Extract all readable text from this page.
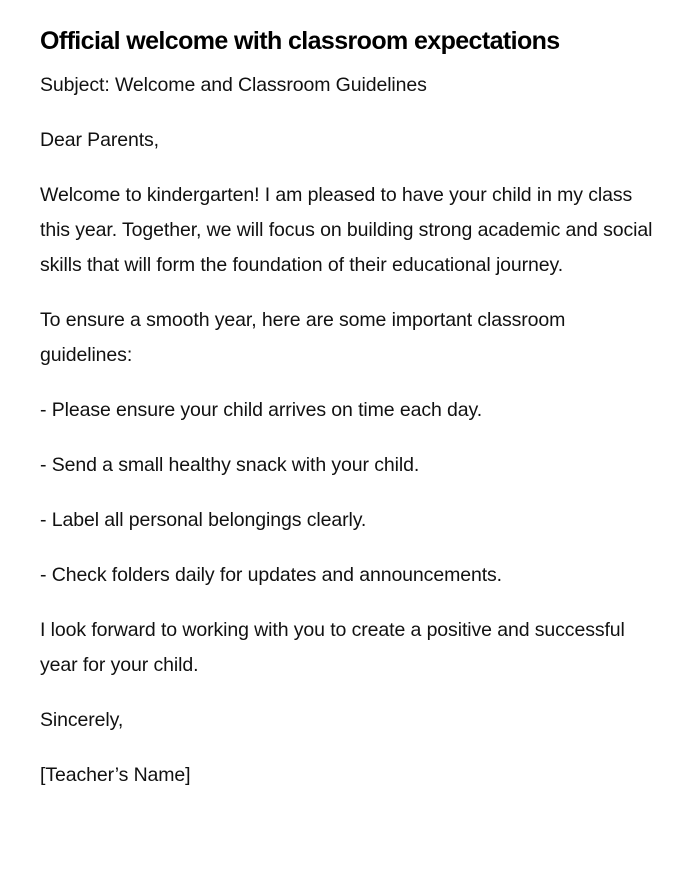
Official welcome with classroom expectations

Subject: Welcome and Classroom Guidelines

Dear Parents,

Welcome to kindergarten! I am pleased to have your child in my class this year. Together, we will focus on building strong academic and social skills that will form the foundation of their educational journey.

To ensure a smooth year, here are some important classroom guidelines:

- Please ensure your child arrives on time each day.

- Send a small healthy snack with your child.

- Label all personal belongings clearly.

- Check folders daily for updates and announcements.

I look forward to working with you to create a positive and successful year for your child.

Sincerely,

[Teacher’s Name]
